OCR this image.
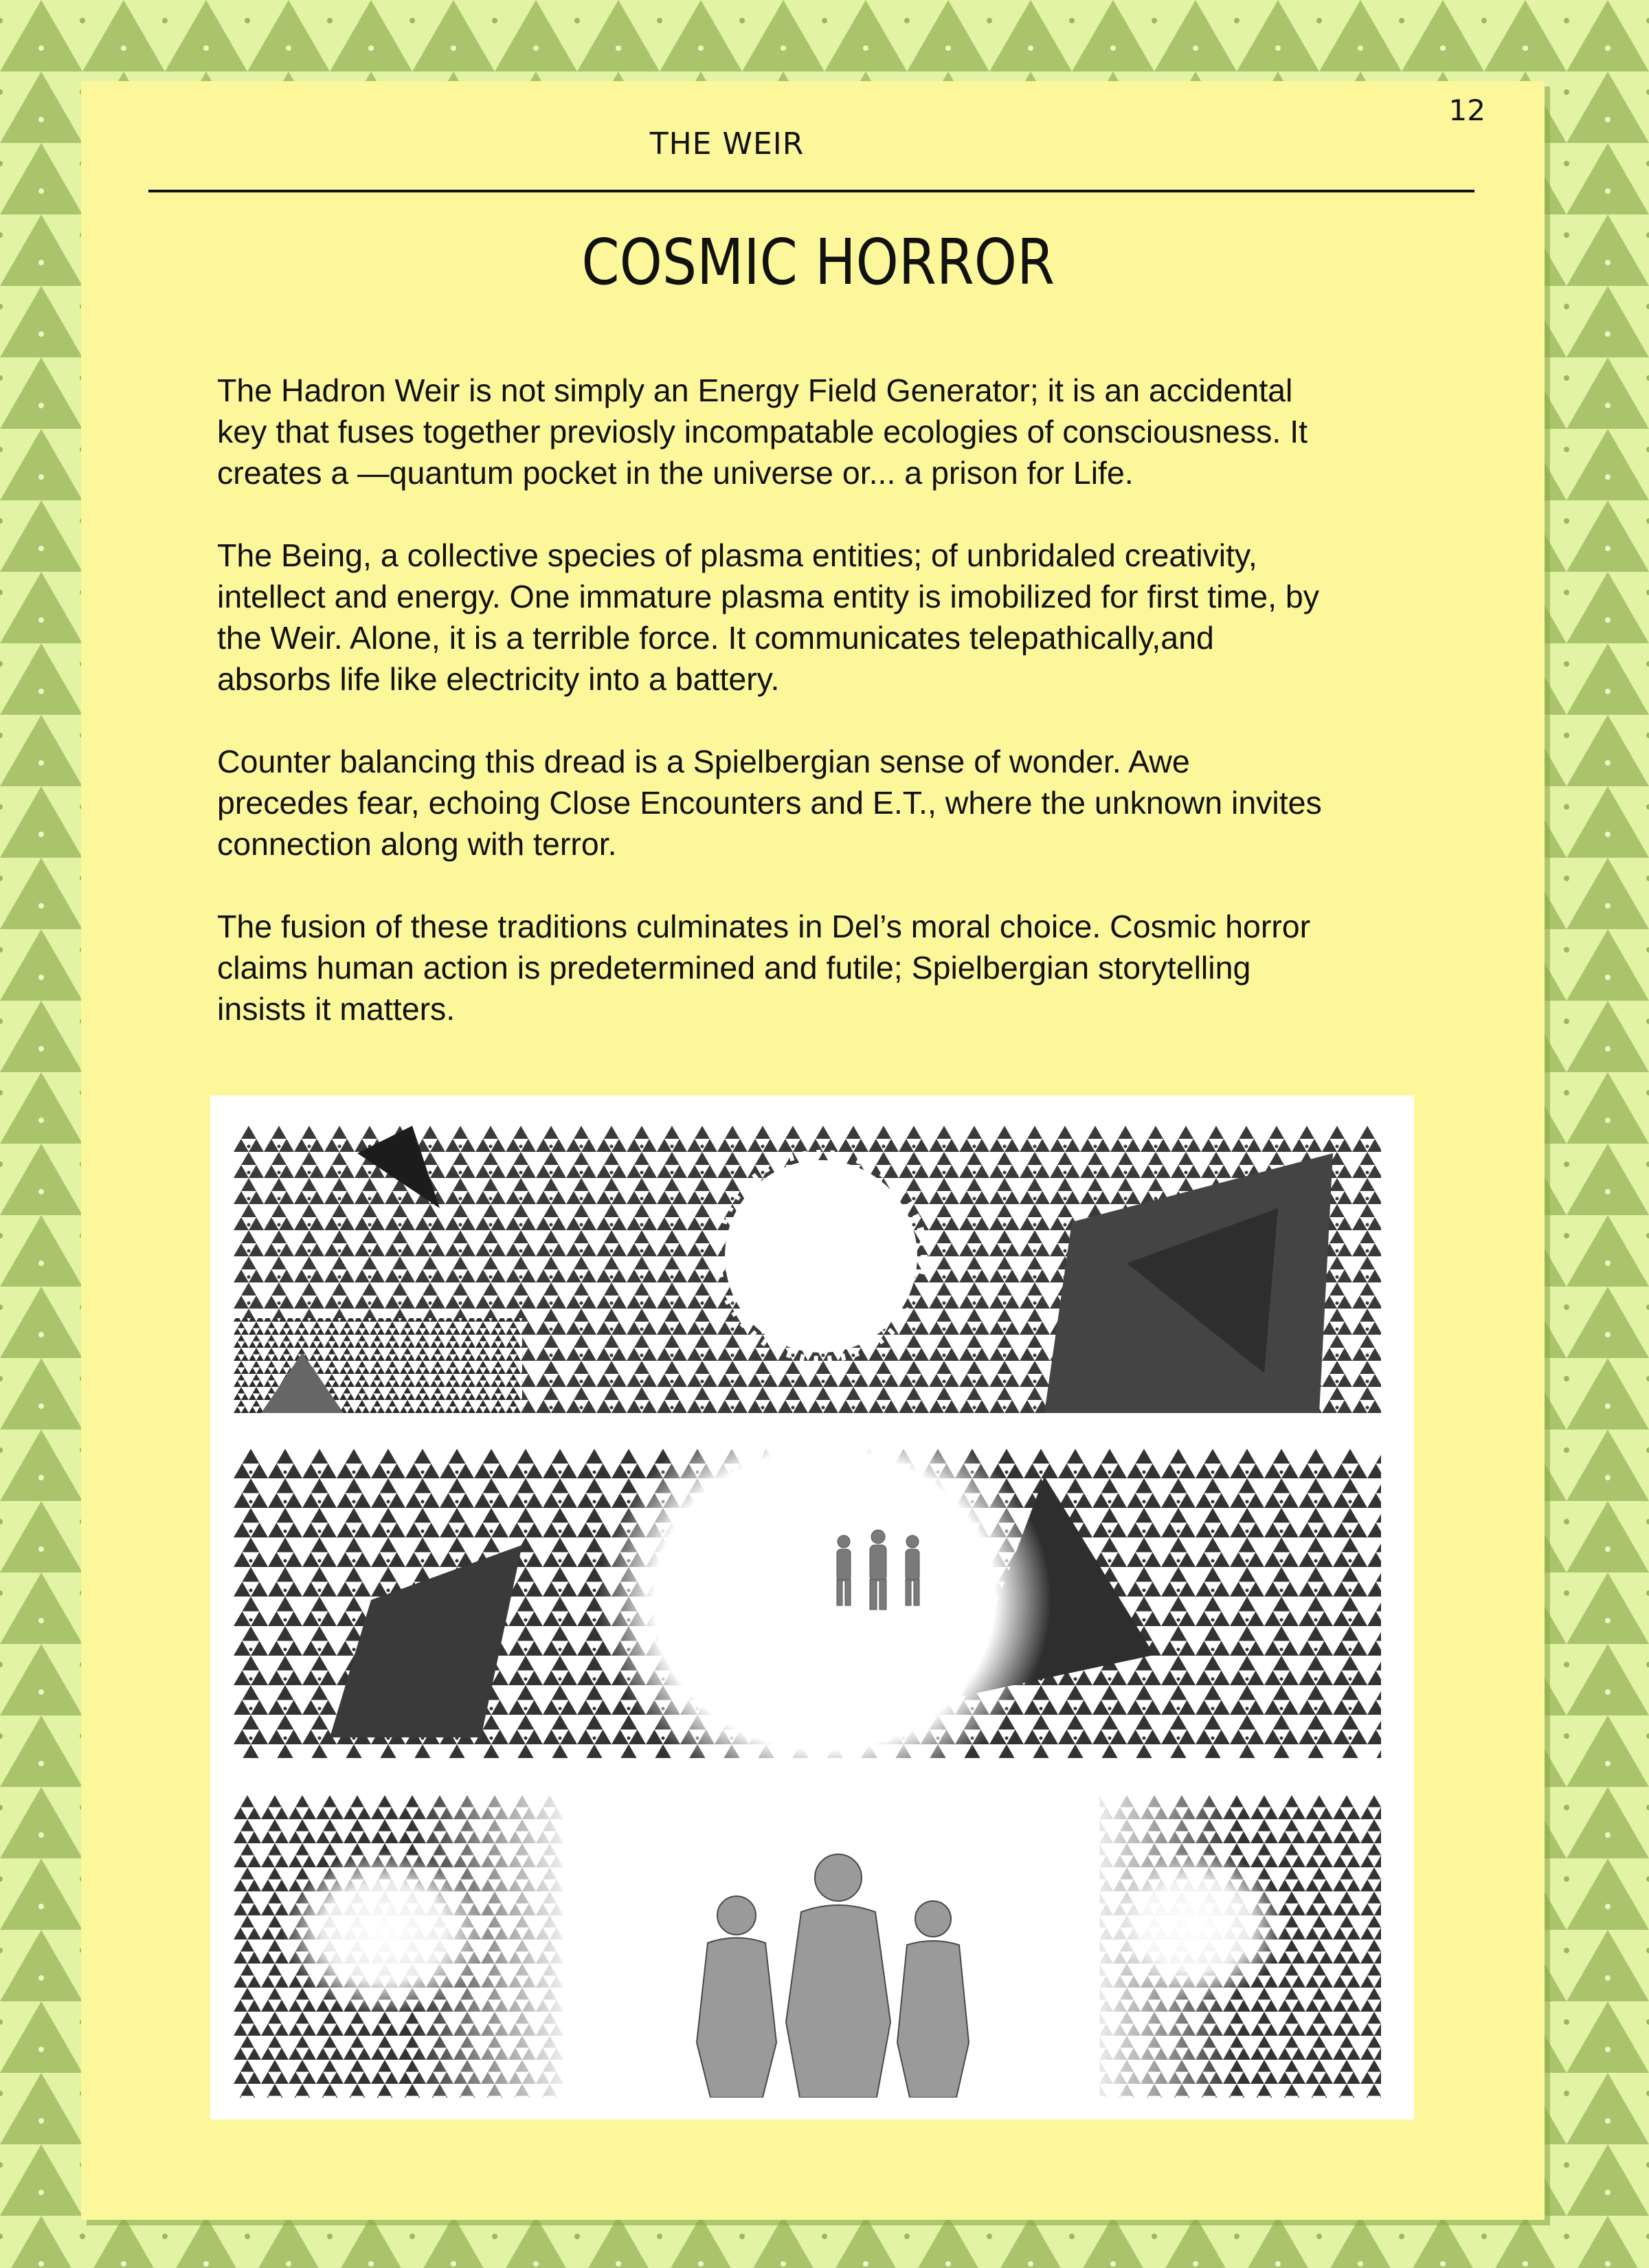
12
THE WEIR
COSMIC HORROR

The Hadron Weir is not simply an Energy Field Generator; it is an accidental
key that fuses together previosly incompatable ecologies of consciousness. It
creates a —quantum pocket in the universe or... a prison for Life.

The Being, a collective species of plasma entities; of unbridaled creativity,
intellect and energy. One immature plasma entity is imobilized for first time, by
the Weir. Alone, it is a terrible force. It communicates telepathically,and
absorbs life like electricity into a battery.

Counter balancing this dread is a Spielbergian sense of wonder. Awe
precedes fear, echoing Close Encounters and E.T., where the unknown invites
connection along with terror.

The fusion of these traditions culminates in Del’s moral choice. Cosmic horror
claims human action is predetermined and futile; Spielbergian storytelling
insists it matters.
